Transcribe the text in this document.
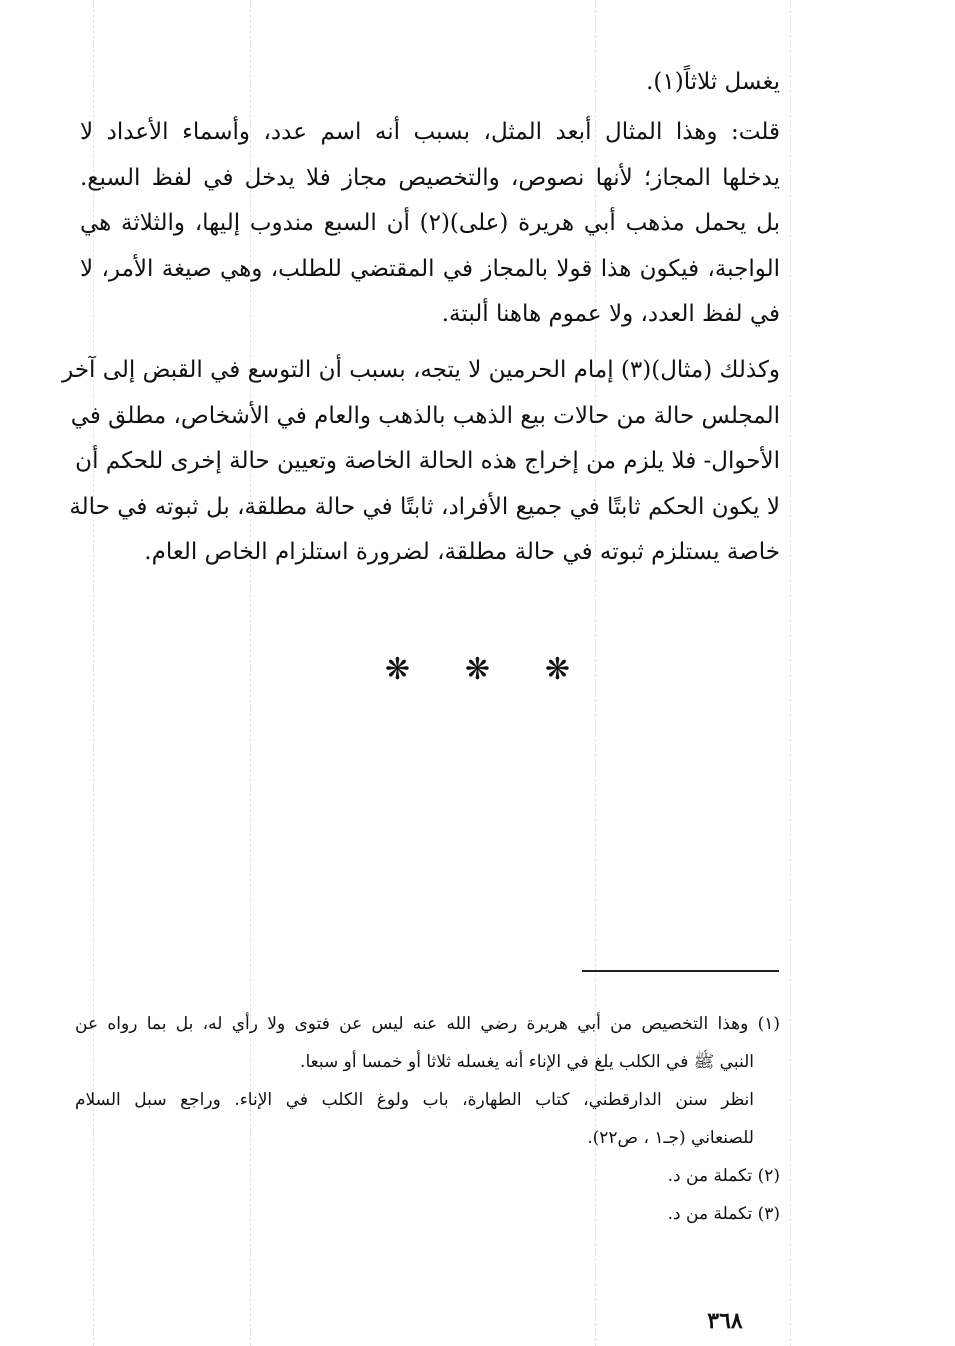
يغسل ثلاثاً(١).
قلت: وهذا المثال أبعد المثل، بسبب أنه اسم عدد، وأسماء الأعداد لا
يدخلها المجاز؛ لأنها نصوص، والتخصيص مجاز فلا يدخل في لفظ السبع.
بل يحمل مذهب أبي هريرة (على)(٢) أن السبع مندوب إليها، والثلاثة هي
الواجبة، فيكون هذا قولا بالمجاز في المقتضي للطلب، وهي صيغة الأمر، لا
في لفظ العدد، ولا عموم هاهنا ألبتة.
وكذلك (مثال)(٣) إمام الحرمين لا يتجه، بسبب أن التوسع في القبض إلى آخر
المجلس حالة من حالات بيع الذهب بالذهب والعام في الأشخاص، مطلق في
الأحوال- فلا يلزم من إخراج هذه الحالة الخاصة وتعيين حالة إخرى للحكم أن
لا يكون الحكم ثابتًا في جميع الأفراد، ثابتًا في حالة مطلقة، بل ثبوته في حالة
خاصة يستلزم ثبوته في حالة مطلقة، لضرورة استلزام الخاص العام.
❋ ❋ ❋
(١) وهذا التخصيص من أبي هريرة رضي الله عنه ليس عن فتوى ولا رأي له، بل بما رواه عن
النبي ﷺ في الكلب يلغ في الإناء أنه يغسله ثلاثا أو خمسا أو سبعا.
انظر سنن الدارقطني، كتاب الطهارة، باب ولوغ الكلب في الإناء. وراجع سبل السلام
للصنعاني (جـ١ ، ص٢٢).
(٢) تكملة من د.
(٣) تكملة من د.
٣٦٨
